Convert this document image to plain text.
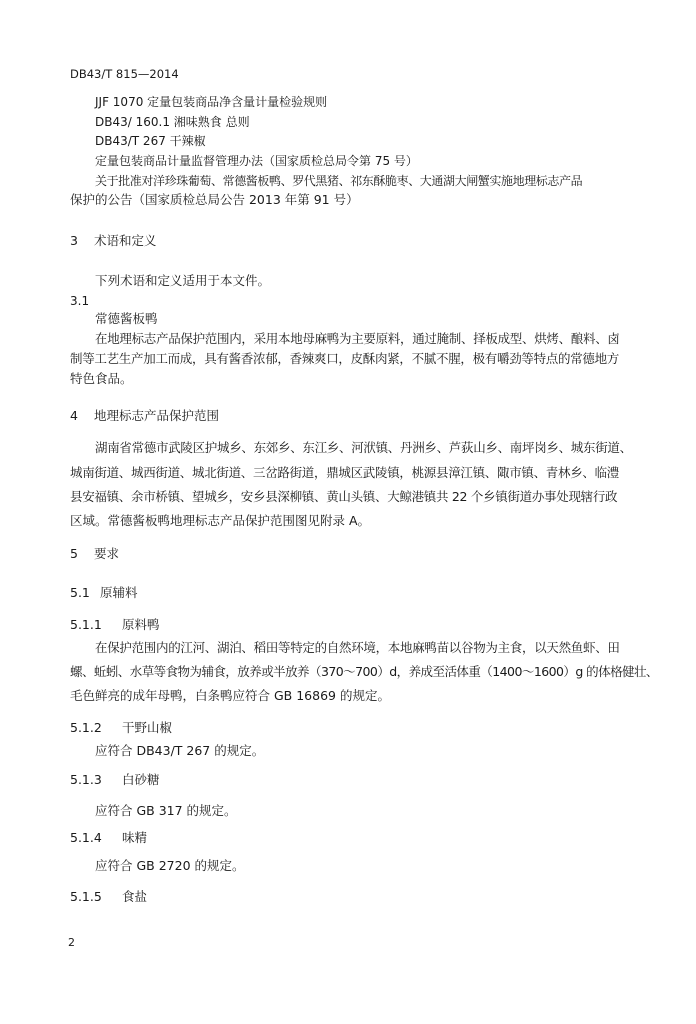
DB43/T 815—2014
JJF 1070 定量包装商品净含量计量检验规则
DB43/ 160.1 湘味熟食 总则
DB43/T 267 干辣椒
定量包装商品计量监督管理办法（国家质检总局令第 75 号）
关于批准对洋珍珠葡萄、常德酱板鸭、罗代黑猪、祁东酥脆枣、大通湖大闸蟹实施地理标志产品
保护的公告（国家质检总局公告 2013 年第 91 号）
3 术语和定义
下列术语和定义适用于本文件。
3.1
常德酱板鸭
在地理标志产品保护范围内，采用本地母麻鸭为主要原料，通过腌制、择板成型、烘烤、酿料、卤
制等工艺生产加工而成，具有酱香浓郁，香辣爽口，皮酥肉紧，不腻不腥，极有嚼劲等特点的常德地方
特色食品。
4 地理标志产品保护范围
湖南省常德市武陵区护城乡、东郊乡、东江乡、河洑镇、丹洲乡、芦荻山乡、南坪岗乡、城东街道、
城南街道、城西街道、城北街道、三岔路街道，鼎城区武陵镇，桃源县漳江镇、陬市镇、青林乡、临澧
县安福镇、余市桥镇、望城乡，安乡县深柳镇、黄山头镇、大鲸港镇共 22 个乡镇街道办事处现辖行政
区域。常德酱板鸭地理标志产品保护范围图见附录 A。
5 要求
5.1 原辅料
5.1.1 原料鸭
在保护范围内的江河、湖泊、稻田等特定的自然环境，本地麻鸭苗以谷物为主食，以天然鱼虾、田
螺、蚯蚓、水草等食物为辅食，放养或半放养（370～700）d，养成至活体重（1400～1600）g 的体格健壮、
毛色鲜亮的成年母鸭，白条鸭应符合 GB 16869 的规定。
5.1.2 干野山椒
应符合 DB43/T 267 的规定。
5.1.3 白砂糖
应符合 GB 317 的规定。
5.1.4 味精
应符合 GB 2720 的规定。
5.1.5 食盐
2
